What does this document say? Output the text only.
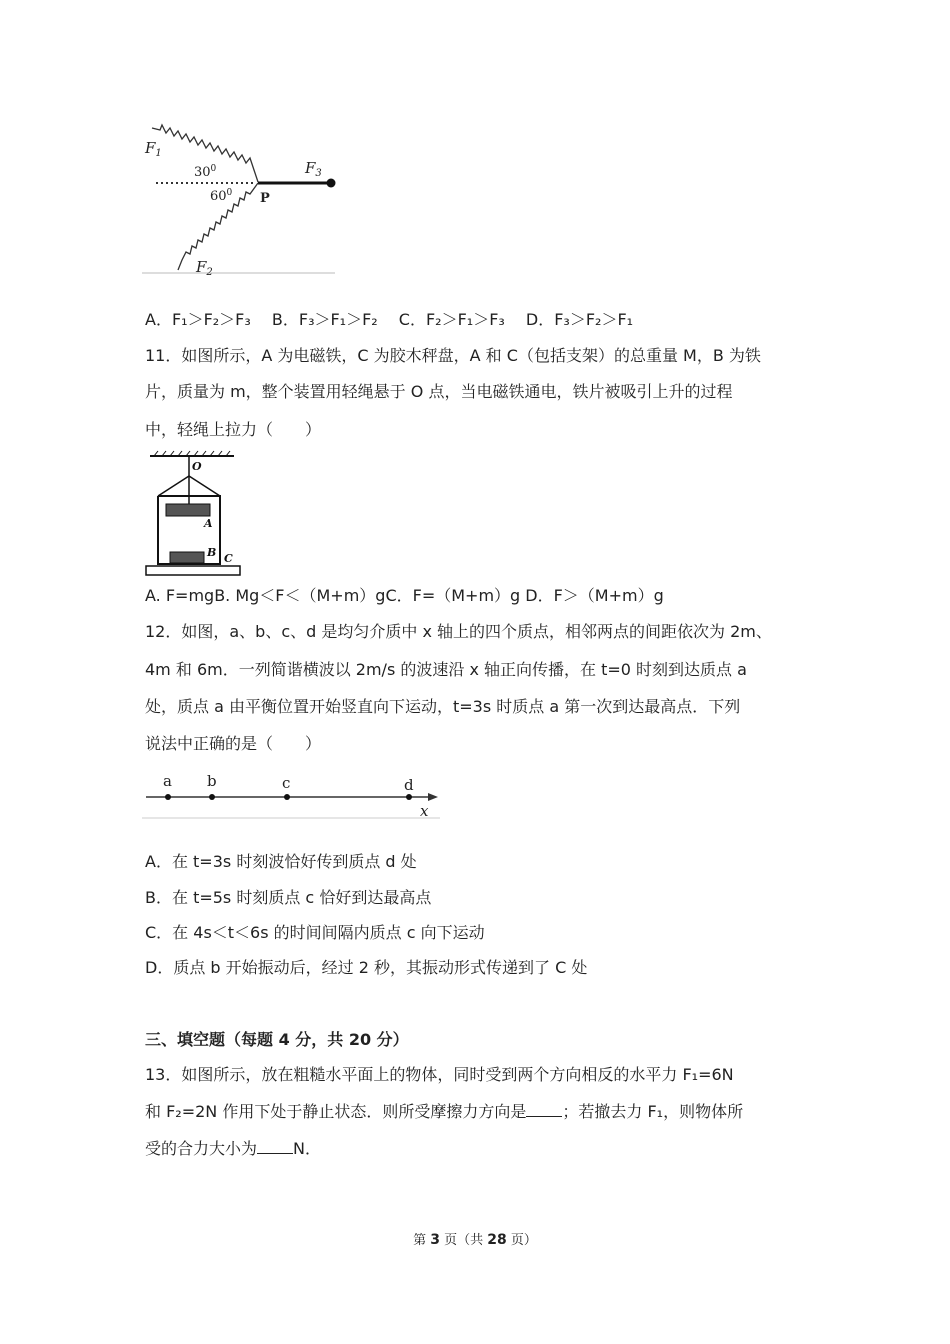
$F_1$
$F_3$
$F_2$
$30^0$
$60^0$ P
A．F₁＞F₂＞F₃　 B．F₃＞F₁＞F₂　 C．F₂＞F₁＞F₃　 D．F₃＞F₂＞F₁
11．如图所示，A 为电磁铁，C 为胶木秤盘，A 和 C（包括支架）的总重量 M，B 为铁
片，质量为 m，整个装置用轻绳悬于 O 点，当电磁铁通电，铁片被吸引上升的过程
中，轻绳上拉力（　　）
O
A
B C
A. F=mgB. Mg＜F＜（M+m）gC．F=（M+m）g D．F＞（M+m）g
12．如图，a、b、c、d 是均匀介质中 x 轴上的四个质点，相邻两点的间距依次为 2m、
4m 和 6m．一列简谐横波以 2m/s 的波速沿 x 轴正向传播，在 t=0 时刻到达质点 a
处，质点 a 由平衡位置开始竖直向下运动，t=3s 时质点 a 第一次到达最高点．下列
说法中正确的是（　　）
a b	c	d
x
A．在 t=3s 时刻波恰好传到质点 d 处
B．在 t=5s 时刻质点 c 恰好到达最高点
C．在 4s＜t＜6s 的时间间隔内质点 c 向下运动
D．质点 b 开始振动后，经过 2 秒，其振动形式传递到了 C 处
三、填空题（每题 4 分，共 20 分）
13．如图所示，放在粗糙水平面上的物体，同时受到两个方向相反的水平力 F₁=6N
和 F₂=2N 作用下处于静止状态．则所受摩擦力方向是 ；若撤去力 F₁，则物体所
受的合力大小为 N．
第 3 页（共 28 页）
